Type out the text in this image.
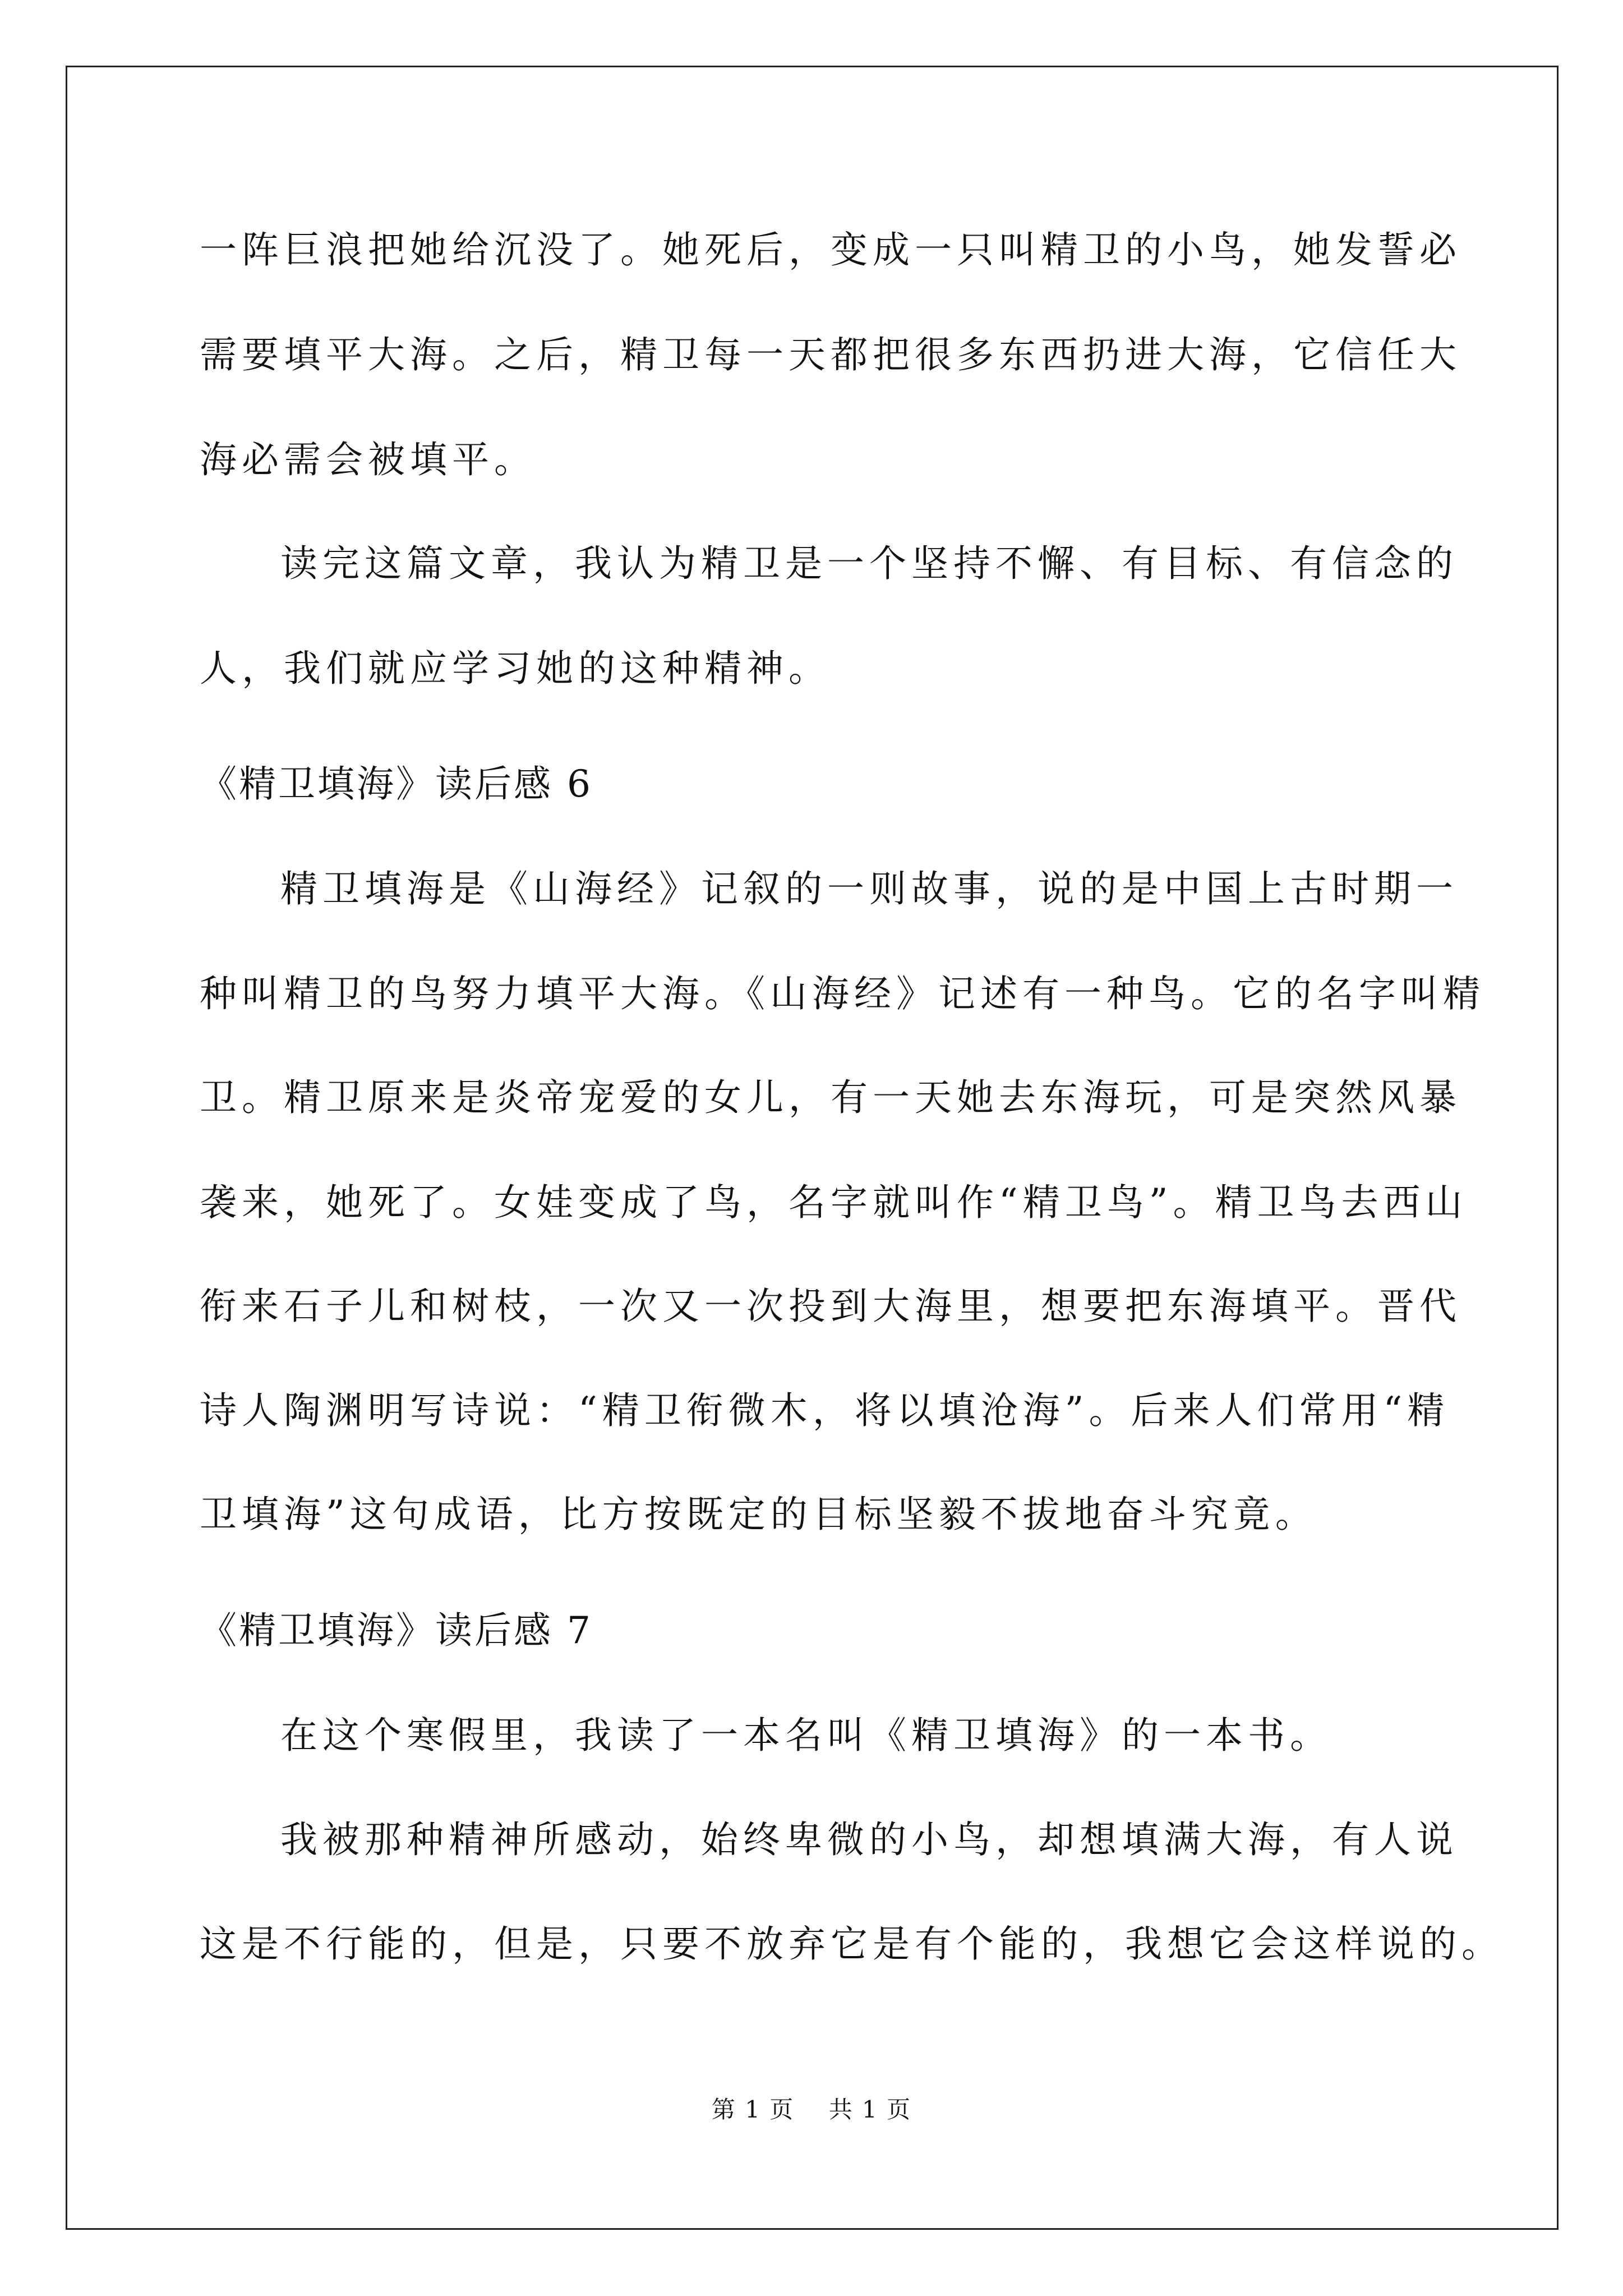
一阵巨浪把她给沉没了。她死后，变成一只叫精卫的小鸟，她发誓必

需要填平大海。之后，精卫每一天都把很多东西扔进大海，它信任大

海必需会被填平。

读完这篇文章，我认为精卫是一个坚持不懈、有目标、有信念的

人，我们就应学习她的这种精神。

《精卫填海》读后感 6

精卫填海是《山海经》记叙的一则故事，说的是中国上古时期一

种叫精卫的鸟努力填平大海。《山海经》记述有一种鸟。它的名字叫精

卫。精卫原来是炎帝宠爱的女儿，有一天她去东海玩，可是突然风暴

袭来，她死了。女娃变成了鸟，名字就叫作“精卫鸟”。精卫鸟去西山

衔来石子儿和树枝，一次又一次投到大海里，想要把东海填平。晋代

诗人陶渊明写诗说：“精卫衔微木，将以填沧海”。后来人们常用“精

卫填海”这句成语，比方按既定的目标坚毅不拔地奋斗究竟。

《精卫填海》读后感 7

在这个寒假里，我读了一本名叫《精卫填海》的一本书。

我被那种精神所感动，始终卑微的小鸟，却想填满大海，有人说

这是不行能的，但是，只要不放弃它是有个能的，我想它会这样说的。

第 1 页    共 1 页
